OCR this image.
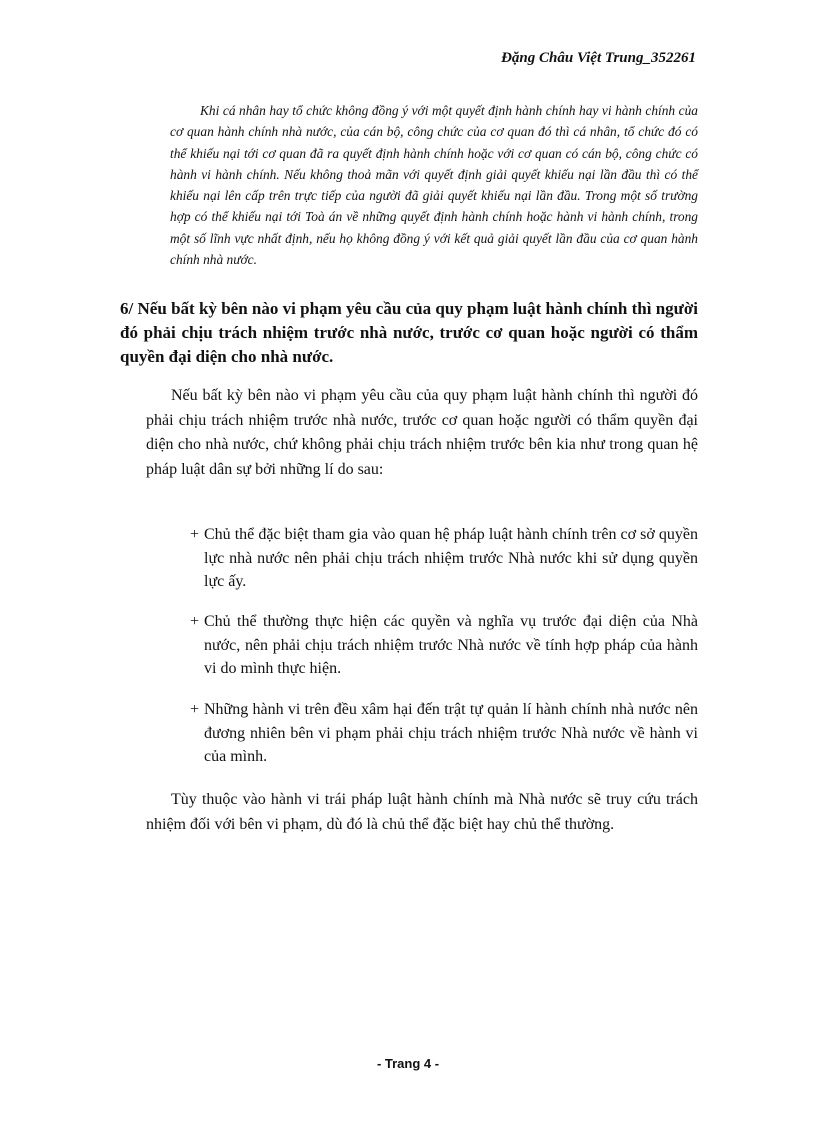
Đặng Châu Việt Trung_352261
Khi cá nhân hay tổ chức không đồng ý với một quyết định hành chính hay vi hành chính của cơ quan hành chính nhà nước, của cán bộ, công chức của cơ quan đó thì cá nhân, tổ chức đó có thể khiếu nại tới cơ quan đã ra quyết định hành chính hoặc với cơ quan có cán bộ, công chức có hành vi hành chính. Nếu không thoả mãn với quyết định giải quyết khiếu nại lần đầu thì có thể khiếu nại lên cấp trên trực tiếp của người đã giải quyết khiếu nại lần đầu. Trong một số trường hợp có thể khiếu nại tới Toà án về những quyết định hành chính hoặc hành vi hành chính, trong một số lĩnh vực nhất định, nếu họ không đồng ý với kết quả giải quyết lần đầu của cơ quan hành chính nhà nước.
6/ Nếu bất kỳ bên nào vi phạm yêu cầu của quy phạm luật hành chính thì người đó phải chịu trách nhiệm trước nhà nước, trước cơ quan hoặc người có thẩm quyền đại diện cho nhà nước.
Nếu bất kỳ bên nào vi phạm yêu cầu của quy phạm luật hành chính thì người đó phải chịu trách nhiệm trước nhà nước, trước cơ quan hoặc người có thẩm quyền đại diện cho nhà nước, chứ không phải chịu trách nhiệm trước bên kia như trong quan hệ pháp luật dân sự bởi những lí do sau:
+ Chủ thể đặc biệt tham gia vào quan hệ pháp luật hành chính trên cơ sở quyền lực nhà nước nên phải chịu trách nhiệm trước Nhà nước khi sử dụng quyền lực ấy.
+ Chủ thể thường thực hiện các quyền và nghĩa vụ trước đại diện của Nhà nước, nên phải chịu trách nhiệm trước Nhà nước về tính hợp pháp của hành vi do mình thực hiện.
+ Những hành vi trên đều xâm hại đến trật tự quản lí hành chính nhà nước nên đương nhiên bên vi phạm phải chịu trách nhiệm trước Nhà nước về hành vi của mình.
Tùy thuộc vào hành vi trái pháp luật hành chính mà Nhà nước sẽ truy cứu trách nhiệm đối với bên vi phạm, dù đó là chủ thể đặc biệt hay chủ thể thường.
- Trang 4 -
